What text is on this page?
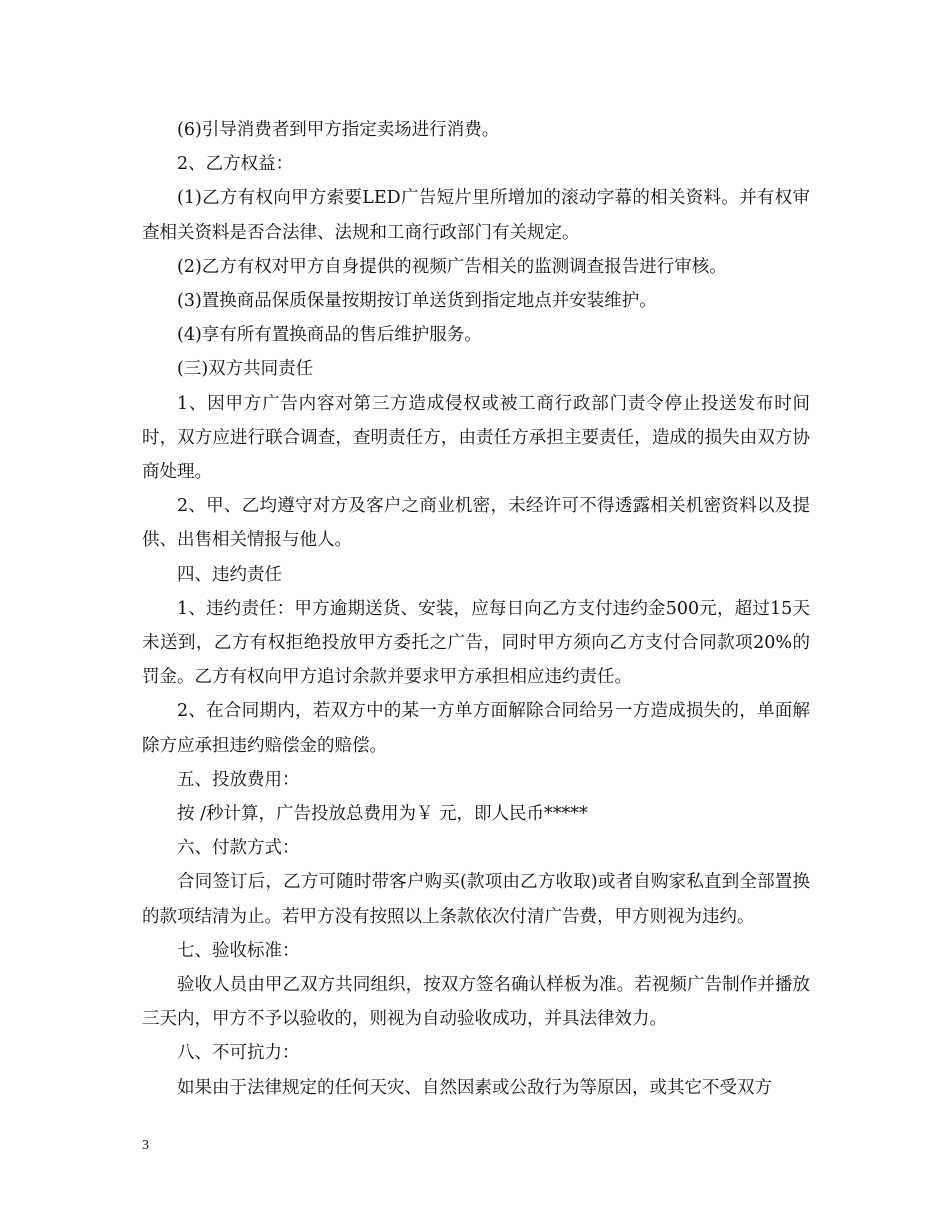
(6)引导消费者到甲方指定卖场进行消费。

2、乙方权益：

(1)乙方有权向甲方索要LED广告短片里所增加的滚动字幕的相关资料。并有权审查相关资料是否合法律、法规和工商行政部门有关规定。

(2)乙方有权对甲方自身提供的视频广告相关的监测调查报告进行审核。

(3)置换商品保质保量按期按订单送货到指定地点并安装维护。

(4)享有所有置换商品的售后维护服务。

(三)双方共同责任

1、因甲方广告内容对第三方造成侵权或被工商行政部门责令停止投送发布时间时，双方应进行联合调查，查明责任方，由责任方承担主要责任，造成的损失由双方协商处理。

2、甲、乙均遵守对方及客户之商业机密，未经许可不得透露相关机密资料以及提供、出售相关情报与他人。

四、违约责任

1、违约责任：甲方逾期送货、安装，应每日向乙方支付违约金500元，超过15天未送到，乙方有权拒绝投放甲方委托之广告，同时甲方须向乙方支付合同款项20%的罚金。乙方有权向甲方追讨余款并要求甲方承担相应违约责任。

2、在合同期内，若双方中的某一方单方面解除合同给另一方造成损失的，单面解除方应承担违约赔偿金的赔偿。

五、投放费用：

按 /秒计算，广告投放总费用为￥ 元，即人民币*****

六、付款方式：

合同签订后，乙方可随时带客户购买(款项由乙方收取)或者自购家私直到全部置换的款项结清为止。若甲方没有按照以上条款依次付清广告费，甲方则视为违约。

七、验收标准：

验收人员由甲乙双方共同组织，按双方签名确认样板为准。若视频广告制作并播放三天内，甲方不予以验收的，则视为自动验收成功，并具法律效力。

八、不可抗力：

如果由于法律规定的任何天灾、自然因素或公敌行为等原因，或其它不受双方

3
